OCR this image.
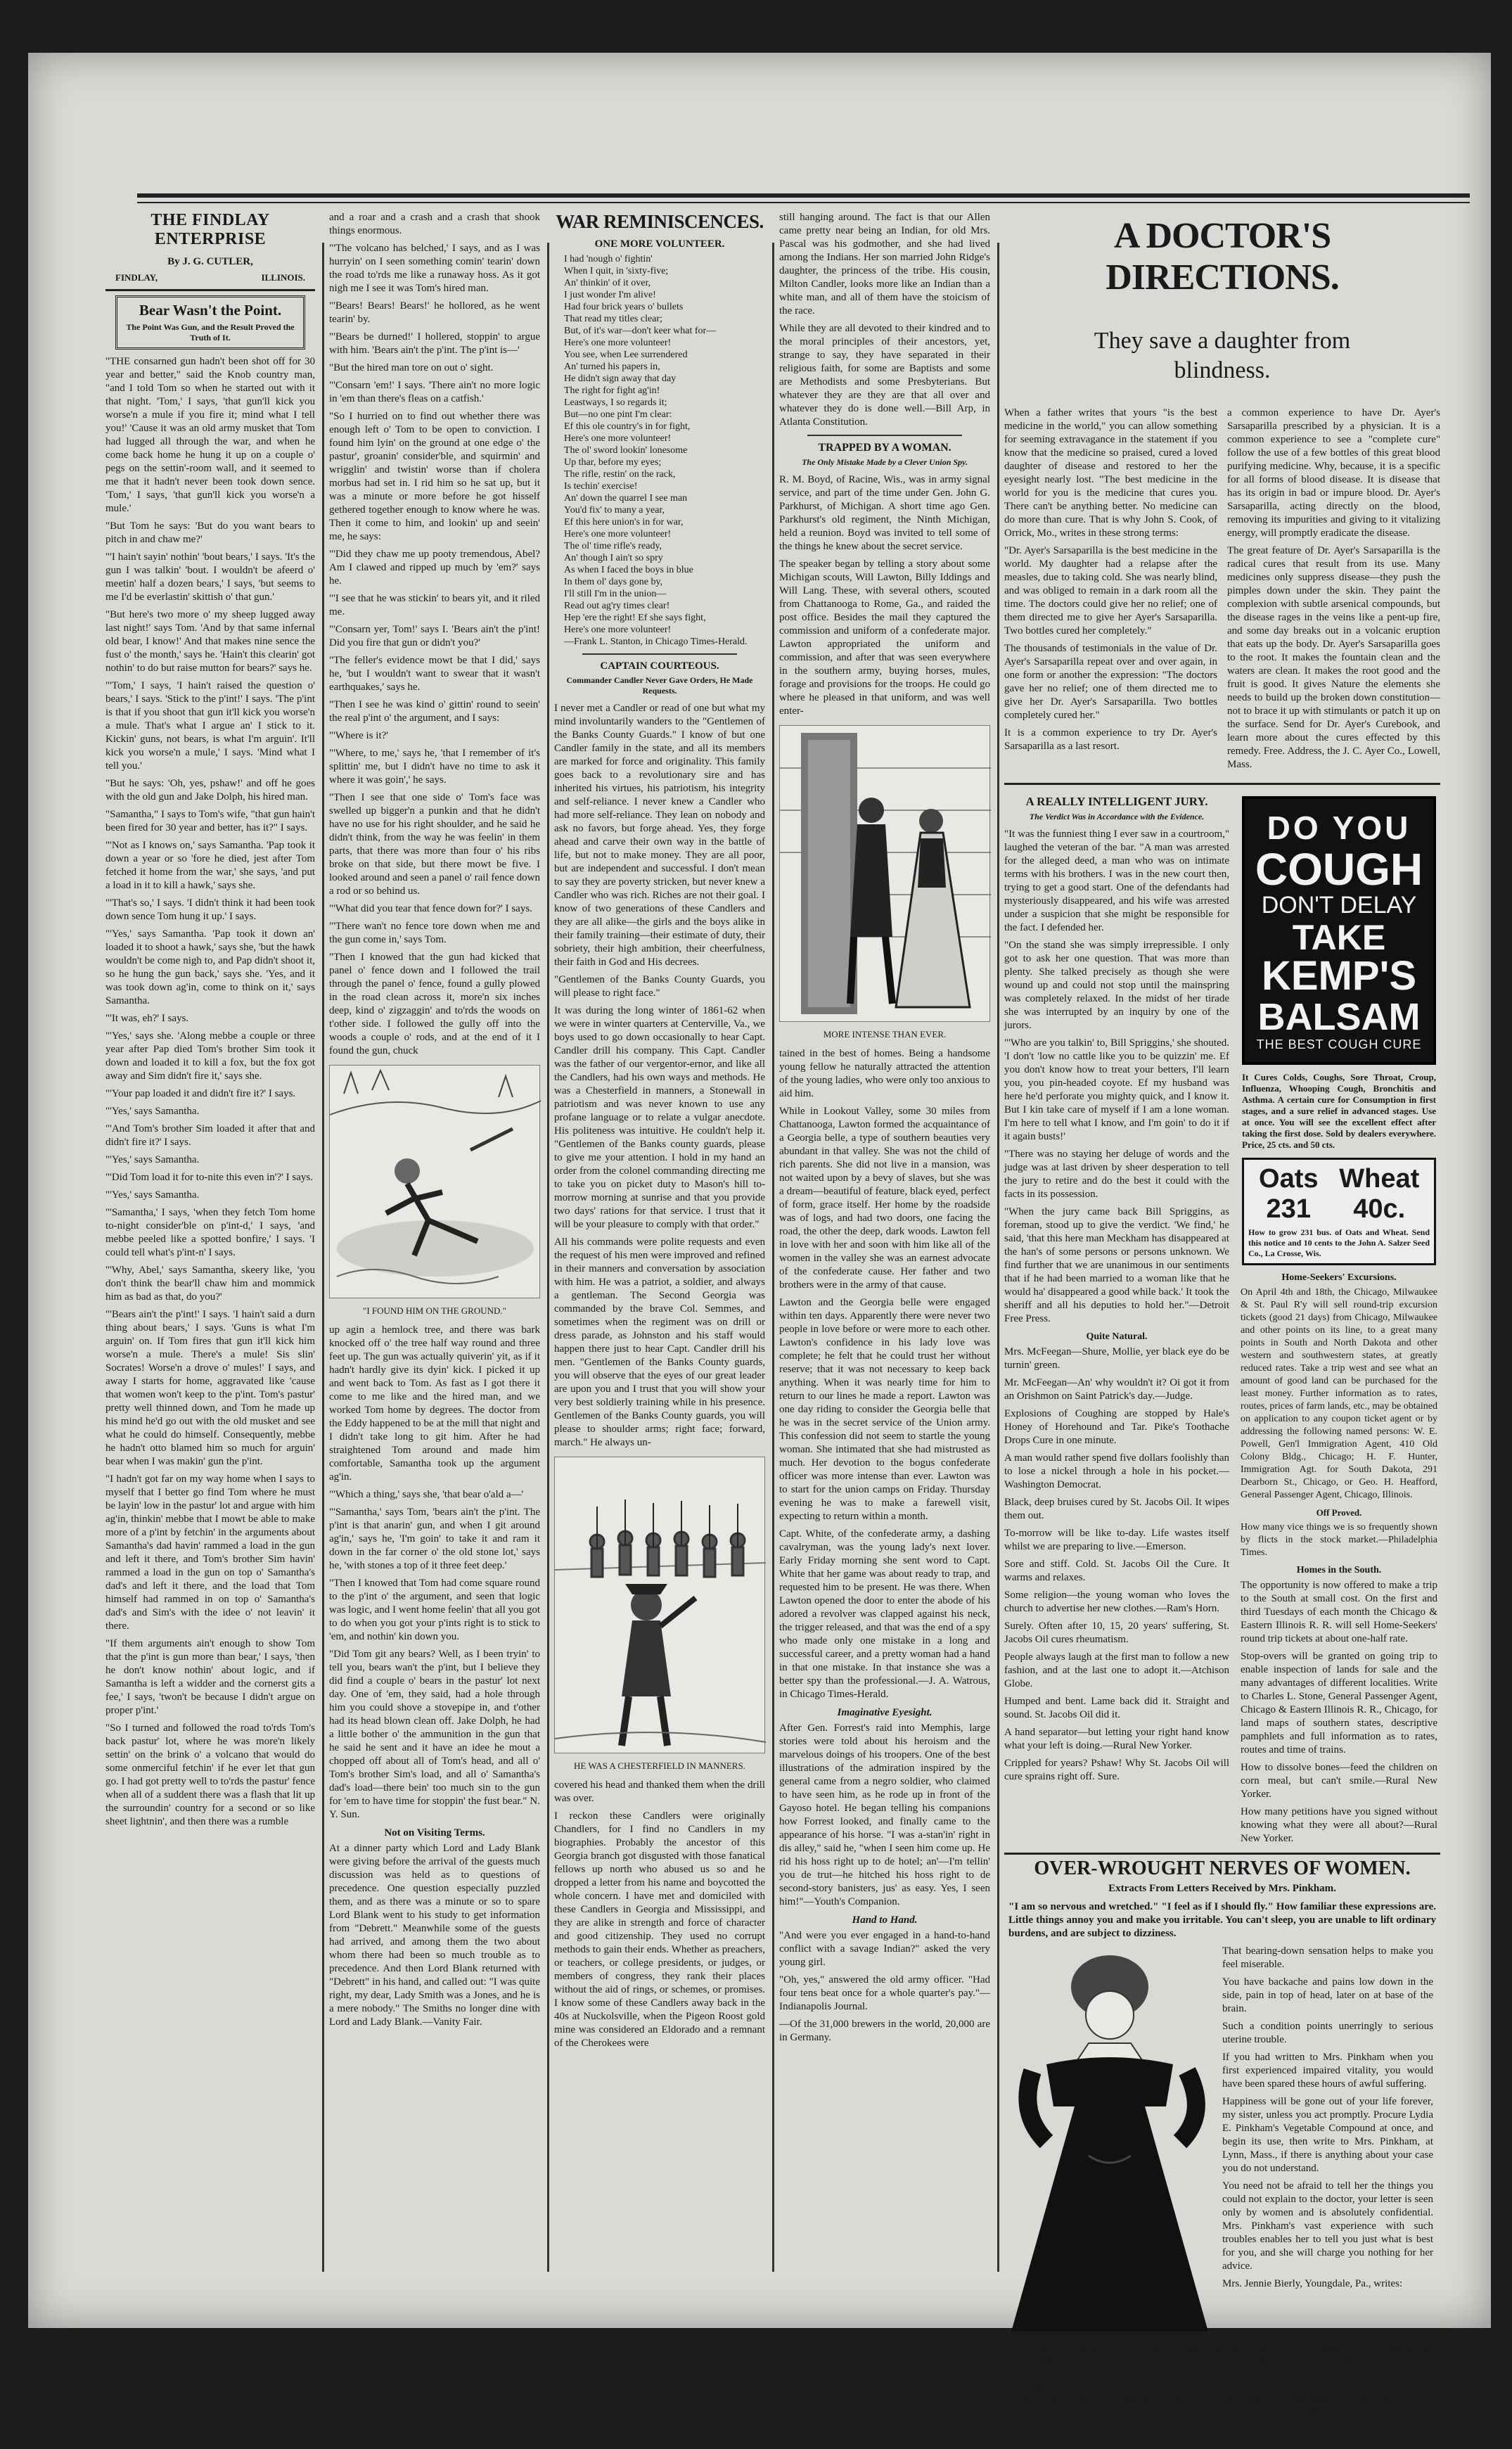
THE FINDLAY ENTERPRISE
By J. G. CUTLER,
FINDLAY,	ILLINOIS.
Bear Wasn't the Point.
The Point Was Gun, and the Result Proved the Truth of It.

"THE consarned gun hadn't been shot off for 30 year and better," said the Knob country man, "and I told Tom so when he started out with it that night. 'Tom,' I says, 'that gun'll kick you worse'n a mule if you fire it; mind what I tell you!' 'Cause it was an old army musket that Tom had lugged all through the war, and when he come back home he hung it up on a couple o' pegs on the settin'-room wall, and it seemed to me that it hadn't never been took down sence. 'Tom,' I says, 'that gun'll kick you worse'n a mule.'

"But Tom he says: 'But do you want bears to pitch in and chaw me?'

"'I hain't sayin' nothin' 'bout bears,' I says. 'It's the gun I was talkin' 'bout. I wouldn't be afeerd o' meetin' half a dozen bears,' I says, 'but seems to me I'd be everlastin' skittish o' that gun.'

"But here's two more o' my sheep lugged away last night!' says Tom. 'And by that same infernal old bear, I know!' And that makes nine sence the fust o' the month,' says he. 'Hain't this clearin' got nothin' to do but raise mutton for bears?' says he.

"'Tom,' I says, 'I hain't raised the question o' bears,' I says. 'Stick to the p'int!' I says. 'The p'int is that if you shoot that gun it'll kick you worse'n a mule. That's what I argue an' I stick to it. Kickin' guns, not bears, is what I'm arguin'. It'll kick you worse'n a mule,' I says. 'Mind what I tell you.'

"But he says: 'Oh, yes, pshaw!' and off he goes with the old gun and Jake Dolph, his hired man.

"Samantha," I says to Tom's wife, "that gun hain't been fired for 30 year and better, has it?" I says.

"'Not as I knows on,' says Samantha. 'Pap took it down a year or so 'fore he died, jest after Tom fetched it home from the war,' she says, 'and put a load in it to kill a hawk,' says she.

"'That's so,' I says. 'I didn't think it had been took down sence Tom hung it up.' I says.

"'Yes,' says Samantha. 'Pap took it down an' loaded it to shoot a hawk,' says she, 'but the hawk wouldn't be come nigh to, and Pap didn't shoot it, so he hung the gun back,' says she. 'Yes, and it was took down ag'in, come to think on it,' says Samantha.

"'It was, eh?' I says.

"'Yes,' says she. 'Along mebbe a couple or three year after Pap died Tom's brother Sim took it down and loaded it to kill a fox, but the fox got away and Sim didn't fire it,' says she.

"'Your pap loaded it and didn't fire it?' I says.

"'Yes,' says Samantha.

"'And Tom's brother Sim loaded it after that and didn't fire it?' I says.

"'Yes,' says Samantha.

"'Did Tom load it for to-nite this even in'?' I says.

"'Yes,' says Samantha.

"'Samantha,' I says, 'when they fetch Tom home to-night consider'ble on p'int-d,' I says, 'and mebbe peeled like a spotted bonfire,' I says. 'I could tell what's p'int-n' I says.

"'Why, Abel,' says Samantha, skeery like, 'you don't think the bear'll chaw him and mommick him as bad as that, do you?'

"'Bears ain't the p'int!' I says. 'I hain't said a durn thing about bears,' I says. 'Guns is what I'm arguin' on. If Tom fires that gun it'll kick him worse'n a mule. There's a mule! Sis slin' Socrates! Worse'n a drove o' mules!' I says, and away I starts for home, aggravated like 'cause that women won't keep to the p'int. Tom's pastur' pretty well thinned down, and Tom he made up his mind he'd go out with the old musket and see what he could do himself. Consequently, mebbe he hadn't otto blamed him so much for arguin' bear when I was makin' gun the p'int.

"I hadn't got far on my way home when I says to myself that I better go find Tom where he must be layin' low in the pastur' lot and argue with him ag'in, thinkin' mebbe that I mowt be able to make more of a p'int by fetchin' in the arguments about Samantha's dad havin' rammed a load in the gun and left it there, and Tom's brother Sim havin' rammed a load in the gun on top o' Samantha's dad's and left it there, and the load that Tom himself had rammed in on top o' Samantha's dad's and Sim's with the idee o' not leavin' it there.

"If them arguments ain't enough to show Tom that the p'int is gun more than bear,' I says, 'then he don't know nothin' about logic, and if Samantha is left a widder and the cornerst gits a fee,' I says, 'twon't be because I didn't argue on proper p'int.'

"So I turned and followed the road to'rds Tom's back pastur' lot, where he was more'n likely settin' on the brink o' a volcano that would do some onmerciful fetchin' if he ever let that gun go. I had got pretty well to to'rds the pastur' fence when all of a suddent there was a flash that lit up the surroundin' country for a second or so like sheet lightnin', and then there was a rumble

and a roar and a crash and a crash that shook things enormous.

"'The volcano has belched,' I says, and as I was hurryin' on I seen something comin' tearin' down the road to'rds me like a runaway hoss. As it got nigh me I see it was Tom's hired man.

"'Bears! Bears! Bears!' he hollored, as he went tearin' by.

"'Bears be durned!' I hollered, stoppin' to argue with him. 'Bears ain't the p'int. The p'int is—'

"But the hired man tore on out o' sight.

"'Consarn 'em!' I says. 'There ain't no more logic in 'em than there's fleas on a catfish.'

"So I hurried on to find out whether there was enough left o' Tom to be open to conviction. I found him lyin' on the ground at one edge o' the pastur', groanin' consider'ble, and squirmin' and wrigglin' and twistin' worse than if cholera morbus had set in. I rid him so he sat up, but it was a minute or more before he got hisself gethered together enough to know where he was. Then it come to him, and lookin' up and seein' me, he says:

"'Did they chaw me up pooty tremendous, Abel? Am I clawed and ripped up much by 'em?' says he.

"'I see that he was stickin' to bears yit, and it riled me.

"'Consarn yer, Tom!' says I. 'Bears ain't the p'int! Did you fire that gun or didn't you?'

"The feller's evidence mowt be that I did,' says he, 'but I wouldn't want to swear that it wasn't earthquakes,' says he.

"Then I see he was kind o' gittin' round to seein' the real p'int o' the argument, and I says:

"'Where is it?'

"'Where, to me,' says he, 'that I remember of it's splittin' me, but I didn't have no time to ask it where it was goin',' he says.

"Then I see that one side o' Tom's face was swelled up bigger'n a punkin and that he didn't have no use for his right shoulder, and he said he didn't think, from the way he was feelin' in them parts, that there was more than four o' his ribs broke on that side, but there mowt be five. I looked around and seen a panel o' rail fence down a rod or so behind us.

"'What did you tear that fence down for?' I says.

"'There wan't no fence tore down when me and the gun come in,' says Tom.

"Then I knowed that the gun had kicked that panel o' fence down and I followed the trail through the panel o' fence, found a gully plowed in the road clean across it, more'n six inches deep, kind o' zigzaggin' and to'rds the woods on t'other side. I followed the gully off into the woods a couple o' rods, and at the end of it I found the gun, chuck

"I FOUND HIM ON THE GROUND."

up agin a hemlock tree, and there was bark knocked off o' the tree half way round and three feet up. The gun was actually quiverin' yit, as if it hadn't hardly give its dyin' kick. I picked it up and went back to Tom. As fast as I got there it come to me like and the hired man, and we worked Tom home by degrees. The doctor from the Eddy happened to be at the mill that night and I didn't take long to git him. After he had straightened Tom around and made him comfortable, Samantha took up the argument ag'in.

"'Which a thing,' says she, 'that bear o'ald a—'

"'Samantha,' says Tom, 'bears ain't the p'int. The p'int is that anarin' gun, and when I git around ag'in,' says he, 'I'm goin' to take it and ram it down in the far corner o' the old stone lot,' says he, 'with stones a top of it three feet deep.'

"Then I knowed that Tom had come square round to the p'int o' the argument, and seen that logic was logic, and I went home feelin' that all you got to do when you got your p'ints right is to stick to 'em, and nothin' kin down you.

"Did Tom git any bears? Well, as I been tryin' to tell you, bears wan't the p'int, but I believe they did find a couple o' bears in the pastur' lot next day. One of 'em, they said, had a hole through him you could shove a stovepipe in, and t'other had its head blown clean off. Jake Dolph, he had a little bother o' the ammunition in the gun that he said he sent and it have an idee he mout a chopped off about all of Tom's head, and all o' Tom's brother Sim's load, and all o' Samantha's dad's load—there bein' too much sin to the gun for 'em to have time for stoppin' the fust bear." N. Y. Sun.

Not on Visiting Terms.

At a dinner party which Lord and Lady Blank were giving before the arrival of the guests much discussion was held as to questions of precedence. One question especially puzzled them, and as there was a minute or so to spare Lord Blank went to his study to get information from "Debrett." Meanwhile some of the guests had arrived, and among them the two about whom there had been so much trouble as to precedence. And then Lord Blank returned with "Debrett" in his hand, and called out: "I was quite right, my dear, Lady Smith was a Jones, and he is a mere nobody." The Smiths no longer dine with Lord and Lady Blank.—Vanity Fair.

WAR REMINISCENCES.
ONE MORE VOLUNTEER.

I had 'nough o' fightin'

When I quit, in 'sixty-five;

An' thinkin' of it over,

I just wonder I'm alive!

Had four brick years o' bullets

That read my titles clear;

But, of it's war—don't keer what for—

Here's one more volunteer!

You see, when Lee surrendered

An' turned his papers in,

He didn't sign away that day

The right for fight ag'in!

Leastways, I so regards it;

But—no one pint I'm clear:

Ef this ole country's in for fight,

Here's one more volunteer!

The ol' sword lookin' lonesome

Up thar, before my eyes;

The rifle, restin' on the rack,

Is techin' exercise!

An' down the quarrel I see man

You'd fix' to many a year,

Ef this here union's in for war,

Here's one more volunteer!

The ol' time rifle's ready,

An' though I ain't so spry

As when I faced the boys in blue

In them ol' days gone by,

I'll still I'm in the union—

Read out ag'ry times clear!

Hep 'ere the right! Ef she says fight,

Here's one more volunteer!

—Frank L. Stanton, in Chicago Times-Herald.

CAPTAIN COURTEOUS.
Commander Candler Never Gave Orders, He Made Requests.

I never met a Candler or read of one but what my mind involuntarily wanders to the "Gentlemen of the Banks County Guards." I know of but one Candler family in the state, and all its members are marked for force and originality. This family goes back to a revolutionary sire and has inherited his virtues, his patriotism, his integrity and self-reliance. I never knew a Candler who had more self-reliance. They lean on nobody and ask no favors, but forge ahead. Yes, they forge ahead and carve their own way in the battle of life, but not to make money. They are all poor, but are independent and successful. I don't mean to say they are poverty stricken, but never knew a Candler who was rich. Riches are not their goal. I know of two generations of these Candlers and they are all alike—the girls and the boys alike in their family training—their estimate of duty, their sobriety, their high ambition, their cheerfulness, their faith in God and His decrees.

"Gentlemen of the Banks County Guards, you will please to right face."

It was during the long winter of 1861-62 when we were in winter quarters at Centerville, Va., we boys used to go down occasionally to hear Capt. Candler drill his company. This Capt. Candler was the father of our vergentor-ernor, and like all the Candlers, had his own ways and methods. He was a Chesterfield in manners, a Stonewall in patriotism and was never known to use any profane language or to relate a vulgar anecdote. His politeness was intuitive. He couldn't help it. "Gentlemen of the Banks county guards, please to give me your attention. I hold in my hand an order from the colonel commanding directing me to take you on picket duty to Mason's hill to-morrow morning at sunrise and that you provide two days' rations for that service. I trust that it will be your pleasure to comply with that order."

All his commands were polite requests and even the request of his men were improved and refined in their manners and conversation by association with him. He was a patriot, a soldier, and always a gentleman. The Second Georgia was commanded by the brave Col. Semmes, and sometimes when the regiment was on drill or dress parade, as Johnston and his staff would happen there just to hear Capt. Candler drill his men. "Gentlemen of the Banks County guards, you will observe that the eyes of our great leader are upon you and I trust that you will show your very best soldierly training while in his presence. Gentlemen of the Banks County guards, you will please to shoulder arms; right face; forward, march." He always un-

HE WAS A CHESTERFIELD IN MANNERS.

covered his head and thanked them when the drill was over.

I reckon these Candlers were originally Chandlers, for I find no Candlers in my biographies. Probably the ancestor of this Georgia branch got disgusted with those fanatical fellows up north who abused us so and he dropped a letter from his name and boycotted the whole concern. I have met and domiciled with these Candlers in Georgia and Mississippi, and they are alike in strength and force of character and good citizenship. They used no corrupt methods to gain their ends. Whether as preachers, or teachers, or college presidents, or judges, or members of congress, they rank their places without the aid of rings, or schemes, or promises. I know some of these Candlers away back in the 40s at Nuckolsville, when the Pigeon Roost gold mine was considered an Eldorado and a remnant of the Cherokees were

still hanging around. The fact is that our Allen came pretty near being an Indian, for old Mrs. Pascal was his godmother, and she had lived among the Indians. Her son married John Ridge's daughter, the princess of the tribe. His cousin, Milton Candler, looks more like an Indian than a white man, and all of them have the stoicism of the race.

While they are all devoted to their kindred and to the moral principles of their ancestors, yet, strange to say, they have separated in their religious faith, for some are Baptists and some are Methodists and some Presbyterians. But whatever they are they are that all over and whatever they do is done well.—Bill Arp, in Atlanta Constitution.

TRAPPED BY A WOMAN.
The Only Mistake Made by a Clever Union Spy.

R. M. Boyd, of Racine, Wis., was in army signal service, and part of the time under Gen. John G. Parkhurst, of Michigan. A short time ago Gen. Parkhurst's old regiment, the Ninth Michigan, held a reunion. Boyd was invited to tell some of the things he knew about the secret service.

The speaker began by telling a story about some Michigan scouts, Will Lawton, Billy Iddings and Will Lang. These, with several others, scouted from Chattanooga to Rome, Ga., and raided the post office. Besides the mail they captured the commission and uniform of a confederate major. Lawton appropriated the uniform and commission, and after that was seen everywhere in the southern army, buying horses, mules, forage and provisions for the troops. He could go where he pleased in that uniform, and was well enter-

MORE INTENSE THAN EVER.

tained in the best of homes. Being a handsome young fellow he naturally attracted the attention of the young ladies, who were only too anxious to aid him.

While in Lookout Valley, some 30 miles from Chattanooga, Lawton formed the acquaintance of a Georgia belle, a type of southern beauties very abundant in that valley. She was not the child of rich parents. She did not live in a mansion, was not waited upon by a bevy of slaves, but she was a dream—beautiful of feature, black eyed, perfect of form, grace itself. Her home by the roadside was of logs, and had two doors, one facing the road, the other the deep, dark woods. Lawton fell in love with her and soon with him like all of the women in the valley she was an earnest advocate of the confederate cause. Her father and two brothers were in the army of that cause.

Lawton and the Georgia belle were engaged within ten days. Apparently there were never two people in love before or were more to each other. Lawton's confidence in his lady love was complete; he felt that he could trust her without reserve; that it was not necessary to keep back anything. When it was nearly time for him to return to our lines he made a report. Lawton was one day riding to consider the Georgia belle that he was in the secret service of the Union army. This confession did not seem to startle the young woman. She intimated that she had mistrusted as much. Her devotion to the bogus confederate officer was more intense than ever. Lawton was to start for the union camps on Friday. Thursday evening he was to make a farewell visit, expecting to return within a month.

Capt. White, of the confederate army, a dashing cavalryman, was the young lady's next lover. Early Friday morning she sent word to Capt. White that her game was about ready to trap, and requested him to be present. He was there. When Lawton opened the door to enter the abode of his adored a revolver was clapped against his neck, the trigger released, and that was the end of a spy who made only one mistake in a long and successful career, and a pretty woman had a hand in that one mistake. In that instance she was a better spy than the professional.—J. A. Watrous, in Chicago Times-Herald.

Imaginative Eyesight.

After Gen. Forrest's raid into Memphis, large stories were told about his heroism and the marvelous doings of his troopers. One of the best illustrations of the admiration inspired by the general came from a negro soldier, who claimed to have seen him, as he rode up in front of the Gayoso hotel. He began telling his companions how Forrest looked, and finally came to the appearance of his horse. "I was a-stan'in' right in dis alley," said he, "when I seen him come up. He rid his hoss right up to de hotel; an'—I'm tellin' you de trut—he hitched his hoss right to de second-story banisters, jus' as easy. Yes, I seen him!"—Youth's Companion.

Hand to Hand.

"And were you ever engaged in a hand-to-hand conflict with a savage Indian?" asked the very young girl.

"Oh, yes," answered the old army officer. "Had four tens beat once for a whole quarter's pay."—Indianapolis Journal.

—Of the 31,000 brewers in the world, 20,000 are in Germany.

A DOCTOR'S DIRECTIONS.
They save a daughter from blindness.

When a father writes that yours "is the best medicine in the world," you can allow something for seeming extravagance in the statement if you know that the medicine so praised, cured a loved daughter of disease and restored to her the eyesight nearly lost. "The best medicine in the world for you is the medicine that cures you. There can't be anything better. No medicine can do more than cure. That is why John S. Cook, of Orrick, Mo., writes in these strong terms:

"Dr. Ayer's Sarsaparilla is the best medicine in the world. My daughter had a relapse after the measles, due to taking cold. She was nearly blind, and was obliged to remain in a dark room all the time. The doctors could give her no relief; one of them directed me to give her Ayer's Sarsaparilla. Two bottles cured her completely."

The thousands of testimonials in the value of Dr. Ayer's Sarsaparilla repeat over and over again, in one form or another the expression: "The doctors gave her no relief; one of them directed me to give her Dr. Ayer's Sarsaparilla. Two bottles completely cured her."

It is a common experience to try Dr. Ayer's Sarsaparilla as a last resort.

a common experience to have Dr. Ayer's Sarsaparilla prescribed by a physician. It is a common experience to see a "complete cure" follow the use of a few bottles of this great blood purifying medicine. Why, because, it is a specific for all forms of blood disease. It is disease that has its origin in bad or impure blood. Dr. Ayer's Sarsaparilla, acting directly on the blood, removing its impurities and giving to it vitalizing energy, will promptly eradicate the disease.

The great feature of Dr. Ayer's Sarsaparilla is the radical cures that result from its use. Many medicines only suppress disease—they push the pimples down under the skin. They paint the complexion with subtle arsenical compounds, but the disease rages in the veins like a pent-up fire, and some day breaks out in a volcanic eruption that eats up the body. Dr. Ayer's Sarsaparilla goes to the root. It makes the fountain clean and the waters are clean. It makes the root good and the fruit is good. It gives Nature the elements she needs to build up the broken down constitution—not to brace it up with stimulants or patch it up on the surface. Send for Dr. Ayer's Curebook, and learn more about the cures effected by this remedy. Free. Address, the J. C. Ayer Co., Lowell, Mass.

A REALLY INTELLIGENT JURY.
The Verdict Was in Accordance with the Evidence.

"It was the funniest thing I ever saw in a courtroom," laughed the veteran of the bar. "A man was arrested for the alleged deed, a man who was on intimate terms with his brothers. I was in the new court then, trying to get a good start. One of the defendants had mysteriously disappeared, and his wife was arrested under a suspicion that she might be responsible for the fact. I defended her.

"On the stand she was simply irrepressible. I only got to ask her one question. That was more than plenty. She talked precisely as though she were wound up and could not stop until the mainspring was completely relaxed. In the midst of her tirade she was interrupted by an inquiry by one of the jurors.

"'Who are you talkin' to, Bill Spriggins,' she shouted. 'I don't 'low no cattle like you to be quizzin' me. Ef you don't know how to treat your betters, I'll learn you, you pin-headed coyote. Ef my husband was here he'd perforate you mighty quick, and I know it. But I kin take care of myself if I am a lone woman. I'm here to tell what I know, and I'm goin' to do it if it again busts!'

"There was no staying her deluge of words and the judge was at last driven by sheer desperation to tell the jury to retire and do the best it could with the facts in its possession.

"When the jury came back Bill Spriggins, as foreman, stood up to give the verdict. 'We find,' he said, 'that this here man Meckham has disappeared at the han's of some persons or persons unknown. We find further that we are unanimous in our sentiments that if he had been married to a woman like that he would ha' disappeared a good while back.' It took the sheriff and all his deputies to hold her."—Detroit Free Press.

Quite Natural.

Mrs. McFeegan—Shure, Mollie, yer black eye do be turnin' green.

Mr. McFeegan—An' why wouldn't it? Oi got it from an Orishmon on Saint Patrick's day.—Judge.

Explosions of Coughing are stopped by Hale's Honey of Horehound and Tar. Pike's Toothache Drops Cure in one minute.

A man would rather spend five dollars foolishly than to lose a nickel through a hole in his pocket.—Washington Democrat.

Black, deep bruises cured by St. Jacobs Oil. It wipes them out.

To-morrow will be like to-day. Life wastes itself whilst we are preparing to live.—Emerson.

Sore and stiff. Cold. St. Jacobs Oil the Cure. It warms and relaxes.

Some religion—the young woman who loves the church to advertise her new clothes.—Ram's Horn.

Surely. Often after 10, 15, 20 years' suffering, St. Jacobs Oil cures rheumatism.

People always laugh at the first man to follow a new fashion, and at the last one to adopt it.—Atchison Globe.

Humped and bent. Lame back did it. Straight and sound. St. Jacobs Oil did it.

A hand separator—but letting your right hand know what your left is doing.—Rural New Yorker.

Crippled for years? Pshaw! Why St. Jacobs Oil will cure sprains right off. Sure.

DO YOU
COUGH
DON'T DELAY
TAKE
KEMP'S
BALSAM
THE BEST COUGH CURE

It Cures Colds, Coughs, Sore Throat, Croup, Influenza, Whooping Cough, Bronchitis and Asthma. A certain cure for Consumption in first stages, and a sure relief in advanced stages. Use at once. You will see the excellent effect after taking the first dose. Sold by dealers everywhere. Price, 25 cts. and 50 cts.

Oats 231
Wheat 40c.

How to grow 231 bus. of Oats and Wheat. Send this notice and 10 cents to the John A. Salzer Seed Co., La Crosse, Wis.

Home-Seekers' Excursions.

On April 4th and 18th, the Chicago, Milwaukee & St. Paul R'y will sell round-trip excursion tickets (good 21 days) from Chicago, Milwaukee and other points on its line, to a great many points in South and North Dakota and other western and southwestern states, at greatly reduced rates. Take a trip west and see what an amount of good land can be purchased for the least money. Further information as to rates, routes, prices of farm lands, etc., may be obtained on application to any coupon ticket agent or by addressing the following named persons: W. E. Powell, Gen'l Immigration Agent, 410 Old Colony Bldg., Chicago; H. F. Hunter, Immigration Agt. for South Dakota, 291 Dearborn St., Chicago, or Geo. H. Heafford, General Passenger Agent, Chicago, Illinois.

Off Proved.

How many vice things we is so frequently shown by flicts in the stock market.—Philadelphia Times.

Homes in the South.

The opportunity is now offered to make a trip to the South at small cost. On the first and third Tuesdays of each month the Chicago & Eastern Illinois R. R. will sell Home-Seekers' round trip tickets at about one-half rate.

Stop-overs will be granted on going trip to enable inspection of lands for sale and the many advantages of different localities. Write to Charles L. Stone, General Passenger Agent, Chicago & Eastern Illinois R. R., Chicago, for land maps of southern states, descriptive pamphlets and full information as to rates, routes and time of trains.

How to dissolve bones—feed the children on corn meal, but can't smile.—Rural New Yorker.

How many petitions have you signed without knowing what they were all about?—Rural New Yorker.

OVER-WROUGHT NERVES OF WOMEN.
Extracts From Letters Received by Mrs. Pinkham.

"I am so nervous and wretched." "I feel as if I should fly." How familiar these expressions are. Little things annoy you and make you irritable. You can't sleep, you are unable to lift ordinary burdens, and are subject to dizziness.

That bearing-down sensation helps to make you feel miserable.

You have backache and pains low down in the side, pain in top of head, later on at base of the brain.

Such a condition points unerringly to serious uterine trouble.

If you had written to Mrs. Pinkham when you first experienced impaired vitality, you would have been spared these hours of awful suffering.

Happiness will be gone out of your life forever, my sister, unless you act promptly. Procure Lydia E. Pinkham's Vegetable Compound at once, and begin its use, then write to Mrs. Pinkham, at Lynn, Mass., if there is anything about your case you do not understand.

You need not be afraid to tell her the things you could not explain to the doctor, your letter is seen only by women and is absolutely confidential. Mrs. Pinkham's vast experience with such troubles enables her to tell you just what is best for you, and she will charge you nothing for her advice.

Mrs. Jennie Bierly, Youngdale, Pa., writes:

"Dear Mrs. Pinkham—Will you kindly allow me the pleasure of expressing my gratitude for the wonderful relief I have experienced by taking your Vegetable Compound. I suffered for a long time with nervous prostration, headache, backache, loss of appetite, a heavy bearing-down feeling, also bearing pains in the groins. I could not sleep, was tired all the time, had no ambition. Life was a burden to me. The pains I suffered at times of menstruation were something dreadful. I thought there was no cure for it. I saw your advertisement in the paper, and my husband advised me to try your medicine. I took five bottles, and now I am well and happy. Your medicine saved my life."

A Million Women Have Been Benefited by Mrs. Pinkham's Advice and Medicine.
